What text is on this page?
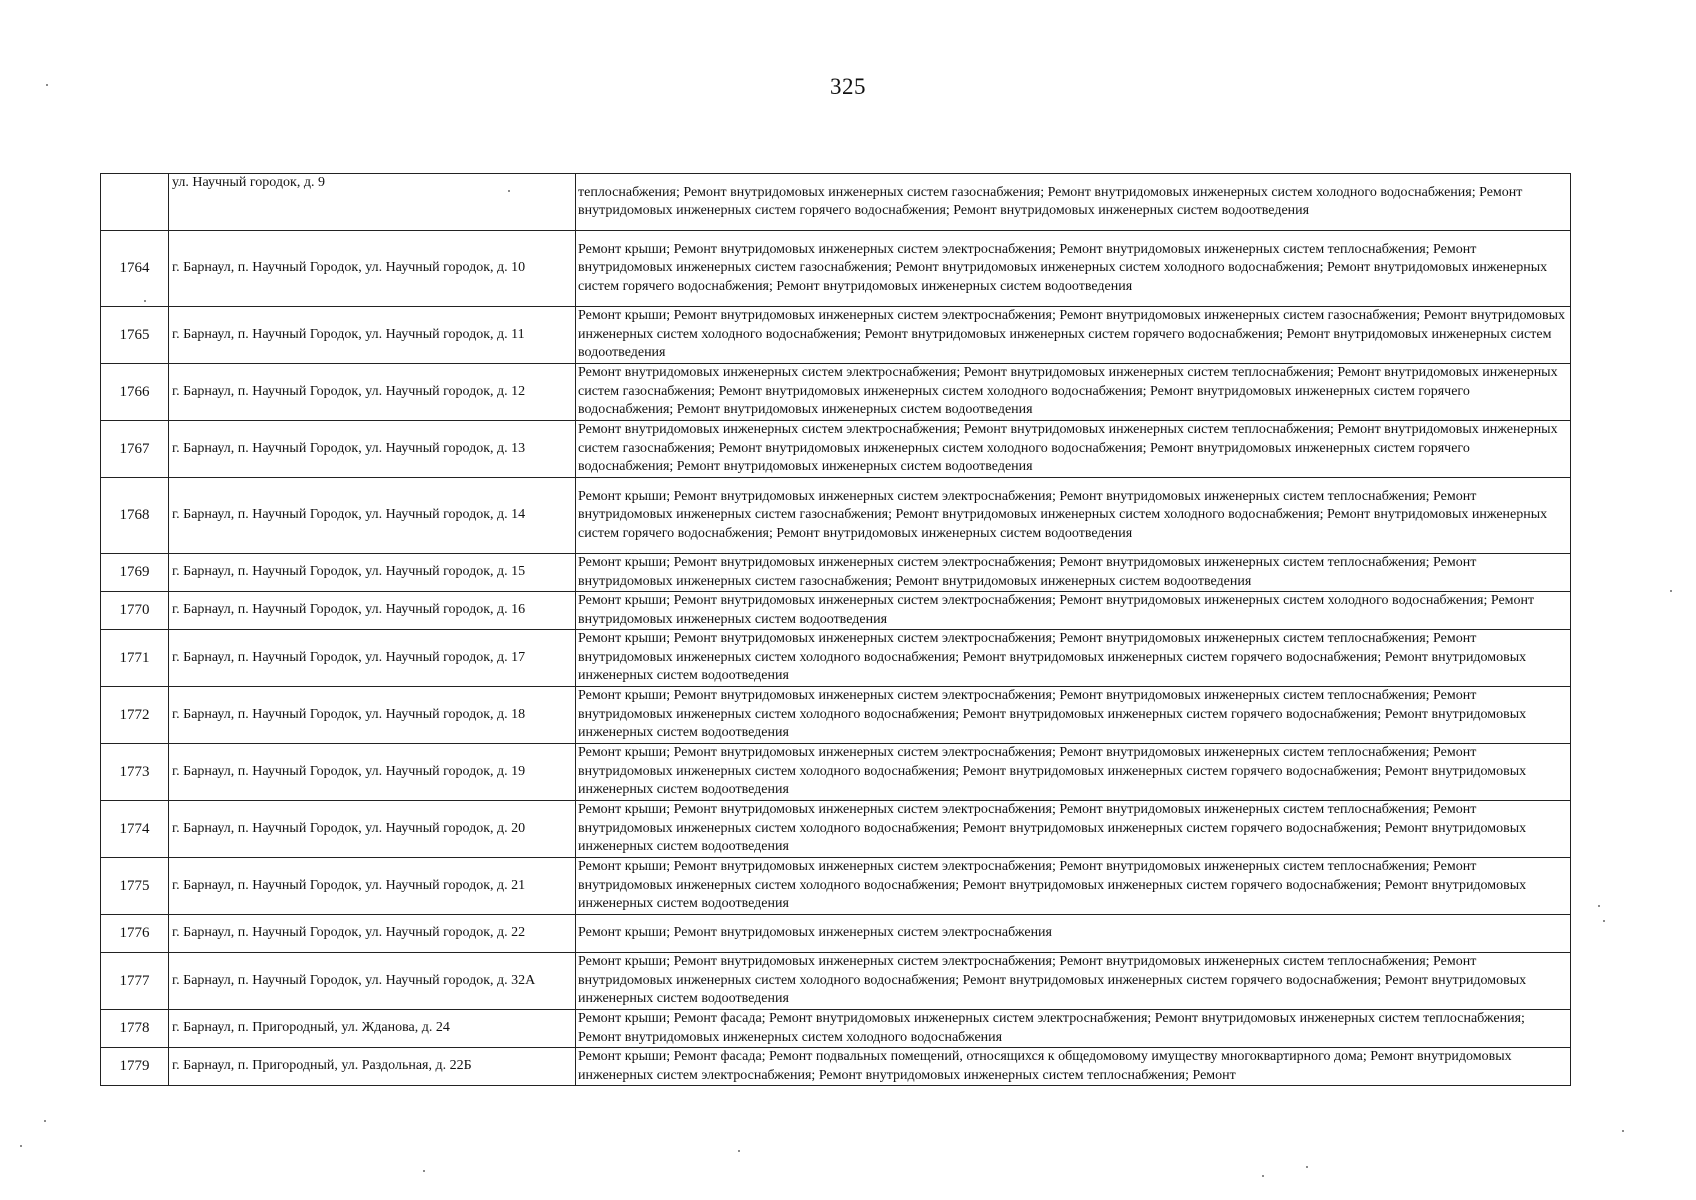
325
	ул. Научный городок, д. 9	теплоснабжения; Ремонт внутридомовых инженерных систем газоснабжения; Ремонт внутридомовых инженерных систем холодного водоснабжения; Ремонт внутридомовых инженерных систем горячего водоснабжения; Ремонт внутридомовых инженерных систем водоотведения
1764	г. Барнаул, п. Научный Городок, ул. Научный городок, д. 10	Ремонт крыши; Ремонт внутридомовых инженерных систем электроснабжения; Ремонт внутридомовых инженерных систем теплоснабжения; Ремонт внутридомовых инженерных систем газоснабжения; Ремонт внутридомовых инженерных систем холодного водоснабжения; Ремонт внутридомовых инженерных систем горячего водоснабжения; Ремонт внутридомовых инженерных систем водоотведения
1765	г. Барнаул, п. Научный Городок, ул. Научный городок, д. 11	Ремонт крыши; Ремонт внутридомовых инженерных систем электроснабжения; Ремонт внутридомовых инженерных систем газоснабжения; Ремонт внутридомовых инженерных систем холодного водоснабжения; Ремонт внутридомовых инженерных систем горячего водоснабжения; Ремонт внутридомовых инженерных систем водоотведения
1766	г. Барнаул, п. Научный Городок, ул. Научный городок, д. 12	Ремонт внутридомовых инженерных систем электроснабжения; Ремонт внутридомовых инженерных систем теплоснабжения; Ремонт внутридомовых инженерных систем газоснабжения; Ремонт внутридомовых инженерных систем холодного водоснабжения; Ремонт внутридомовых инженерных систем горячего водоснабжения; Ремонт внутридомовых инженерных систем водоотведения
1767	г. Барнаул, п. Научный Городок, ул. Научный городок, д. 13	Ремонт внутридомовых инженерных систем электроснабжения; Ремонт внутридомовых инженерных систем теплоснабжения; Ремонт внутридомовых инженерных систем газоснабжения; Ремонт внутридомовых инженерных систем холодного водоснабжения; Ремонт внутридомовых инженерных систем горячего водоснабжения; Ремонт внутридомовых инженерных систем водоотведения
1768	г. Барнаул, п. Научный Городок, ул. Научный городок, д. 14	Ремонт крыши; Ремонт внутридомовых инженерных систем электроснабжения; Ремонт внутридомовых инженерных систем теплоснабжения; Ремонт внутридомовых инженерных систем газоснабжения; Ремонт внутридомовых инженерных систем холодного водоснабжения; Ремонт внутридомовых инженерных систем горячего водоснабжения; Ремонт внутридомовых инженерных систем водоотведения
1769	г. Барнаул, п. Научный Городок, ул. Научный городок, д. 15	Ремонт крыши; Ремонт внутридомовых инженерных систем электроснабжения; Ремонт внутридомовых инженерных систем теплоснабжения; Ремонт внутридомовых инженерных систем газоснабжения; Ремонт внутридомовых инженерных систем водоотведения
1770	г. Барнаул, п. Научный Городок, ул. Научный городок, д. 16	Ремонт крыши; Ремонт внутридомовых инженерных систем электроснабжения; Ремонт внутридомовых инженерных систем холодного водоснабжения; Ремонт внутридомовых инженерных систем водоотведения
1771	г. Барнаул, п. Научный Городок, ул. Научный городок, д. 17	Ремонт крыши; Ремонт внутридомовых инженерных систем электроснабжения; Ремонт внутридомовых инженерных систем теплоснабжения; Ремонт внутридомовых инженерных систем холодного водоснабжения; Ремонт внутридомовых инженерных систем горячего водоснабжения; Ремонт внутридомовых инженерных систем водоотведения
1772	г. Барнаул, п. Научный Городок, ул. Научный городок, д. 18	Ремонт крыши; Ремонт внутридомовых инженерных систем электроснабжения; Ремонт внутридомовых инженерных систем теплоснабжения; Ремонт внутридомовых инженерных систем холодного водоснабжения; Ремонт внутридомовых инженерных систем горячего водоснабжения; Ремонт внутридомовых инженерных систем водоотведения
1773	г. Барнаул, п. Научный Городок, ул. Научный городок, д. 19	Ремонт крыши; Ремонт внутридомовых инженерных систем электроснабжения; Ремонт внутридомовых инженерных систем теплоснабжения; Ремонт внутридомовых инженерных систем холодного водоснабжения; Ремонт внутридомовых инженерных систем горячего водоснабжения; Ремонт внутридомовых инженерных систем водоотведения
1774	г. Барнаул, п. Научный Городок, ул. Научный городок, д. 20	Ремонт крыши; Ремонт внутридомовых инженерных систем электроснабжения; Ремонт внутридомовых инженерных систем теплоснабжения; Ремонт внутридомовых инженерных систем холодного водоснабжения; Ремонт внутридомовых инженерных систем горячего водоснабжения; Ремонт внутридомовых инженерных систем водоотведения
1775	г. Барнаул, п. Научный Городок, ул. Научный городок, д. 21	Ремонт крыши; Ремонт внутридомовых инженерных систем электроснабжения; Ремонт внутридомовых инженерных систем теплоснабжения; Ремонт внутридомовых инженерных систем холодного водоснабжения; Ремонт внутридомовых инженерных систем горячего водоснабжения; Ремонт внутридомовых инженерных систем водоотведения
1776	г. Барнаул, п. Научный Городок, ул. Научный городок, д. 22	Ремонт крыши; Ремонт внутридомовых инженерных систем электроснабжения
1777	г. Барнаул, п. Научный Городок, ул. Научный городок, д. 32А	Ремонт крыши; Ремонт внутридомовых инженерных систем электроснабжения; Ремонт внутридомовых инженерных систем теплоснабжения; Ремонт внутридомовых инженерных систем холодного водоснабжения; Ремонт внутридомовых инженерных систем горячего водоснабжения; Ремонт внутридомовых инженерных систем водоотведения
1778	г. Барнаул, п. Пригородный, ул. Жданова, д. 24	Ремонт крыши; Ремонт фасада; Ремонт внутридомовых инженерных систем электроснабжения; Ремонт внутридомовых инженерных систем теплоснабжения; Ремонт внутридомовых инженерных систем холодного водоснабжения
1779	г. Барнаул, п. Пригородный, ул. Раздольная, д. 22Б	Ремонт крыши; Ремонт фасада; Ремонт подвальных помещений, относящихся к общедомовому имуществу многоквартирного дома; Ремонт внутридомовых инженерных систем электроснабжения; Ремонт внутридомовых инженерных систем теплоснабжения; Ремонт
